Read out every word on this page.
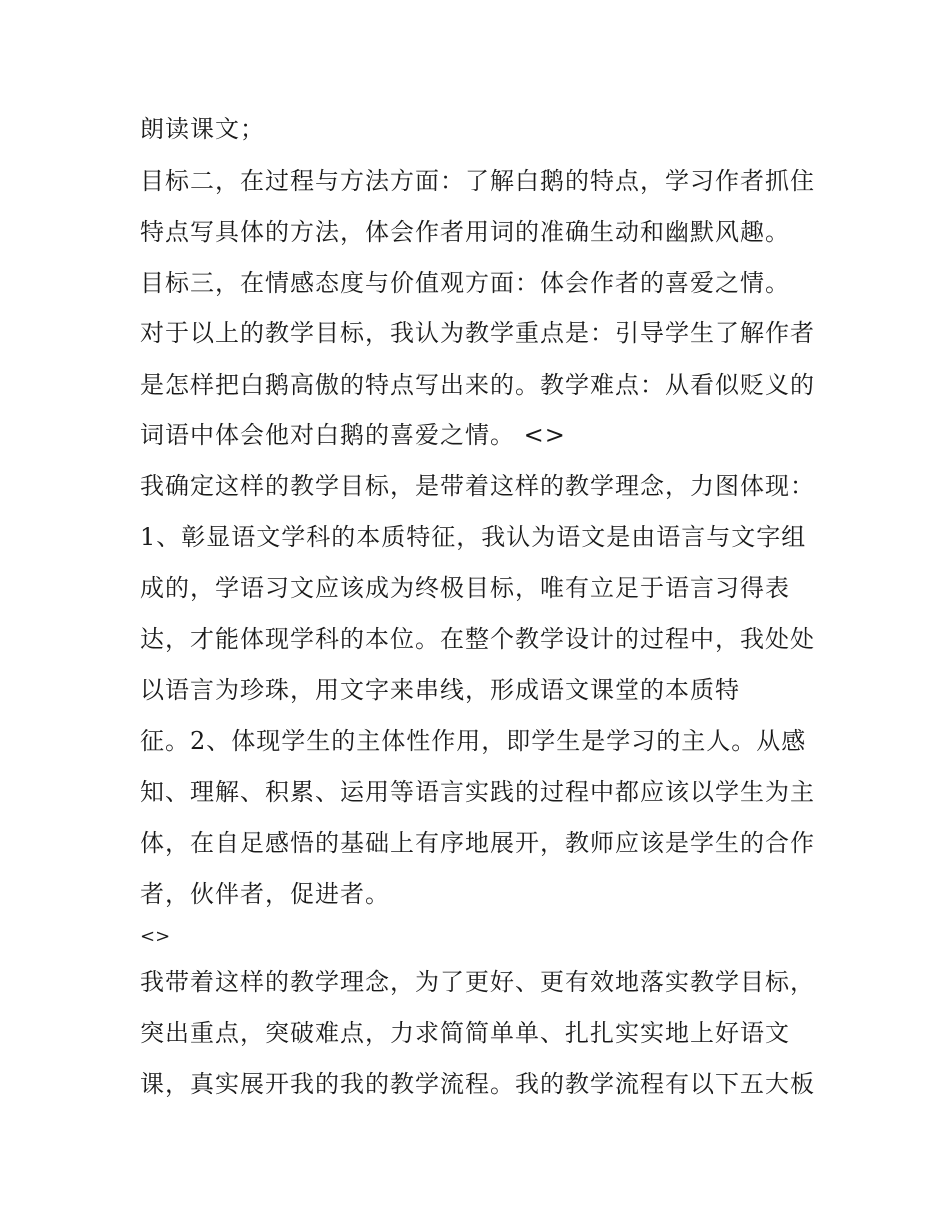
朗读课文；
目标二，在过程与方法方面：了解白鹅的特点，学习作者抓住
特点写具体的方法，体会作者用词的准确生动和幽默风趣。
目标三，在情感态度与价值观方面：体会作者的喜爱之情。
对于以上的教学目标，我认为教学重点是：引导学生了解作者
是怎样把白鹅高傲的特点写出来的。教学难点：从看似贬义的
词语中体会他对白鹅的喜爱之情。 <>
我确定这样的教学目标，是带着这样的教学理念，力图体现：
1、彰显语文学科的本质特征，我认为语文是由语言与文字组
成的，学语习文应该成为终极目标，唯有立足于语言习得表
达，才能体现学科的本位。在整个教学设计的过程中，我处处
以语言为珍珠，用文字来串线，形成语文课堂的本质特
征。2、体现学生的主体性作用，即学生是学习的主人。从感
知、理解、积累、运用等语言实践的过程中都应该以学生为主
体，在自足感悟的基础上有序地展开，教师应该是学生的合作
者，伙伴者，促进者。
<>
我带着这样的教学理念，为了更好、更有效地落实教学目标，
突出重点，突破难点，力求简简单单、扎扎实实地上好语文
课，真实展开我的我的教学流程。我的教学流程有以下五大板
